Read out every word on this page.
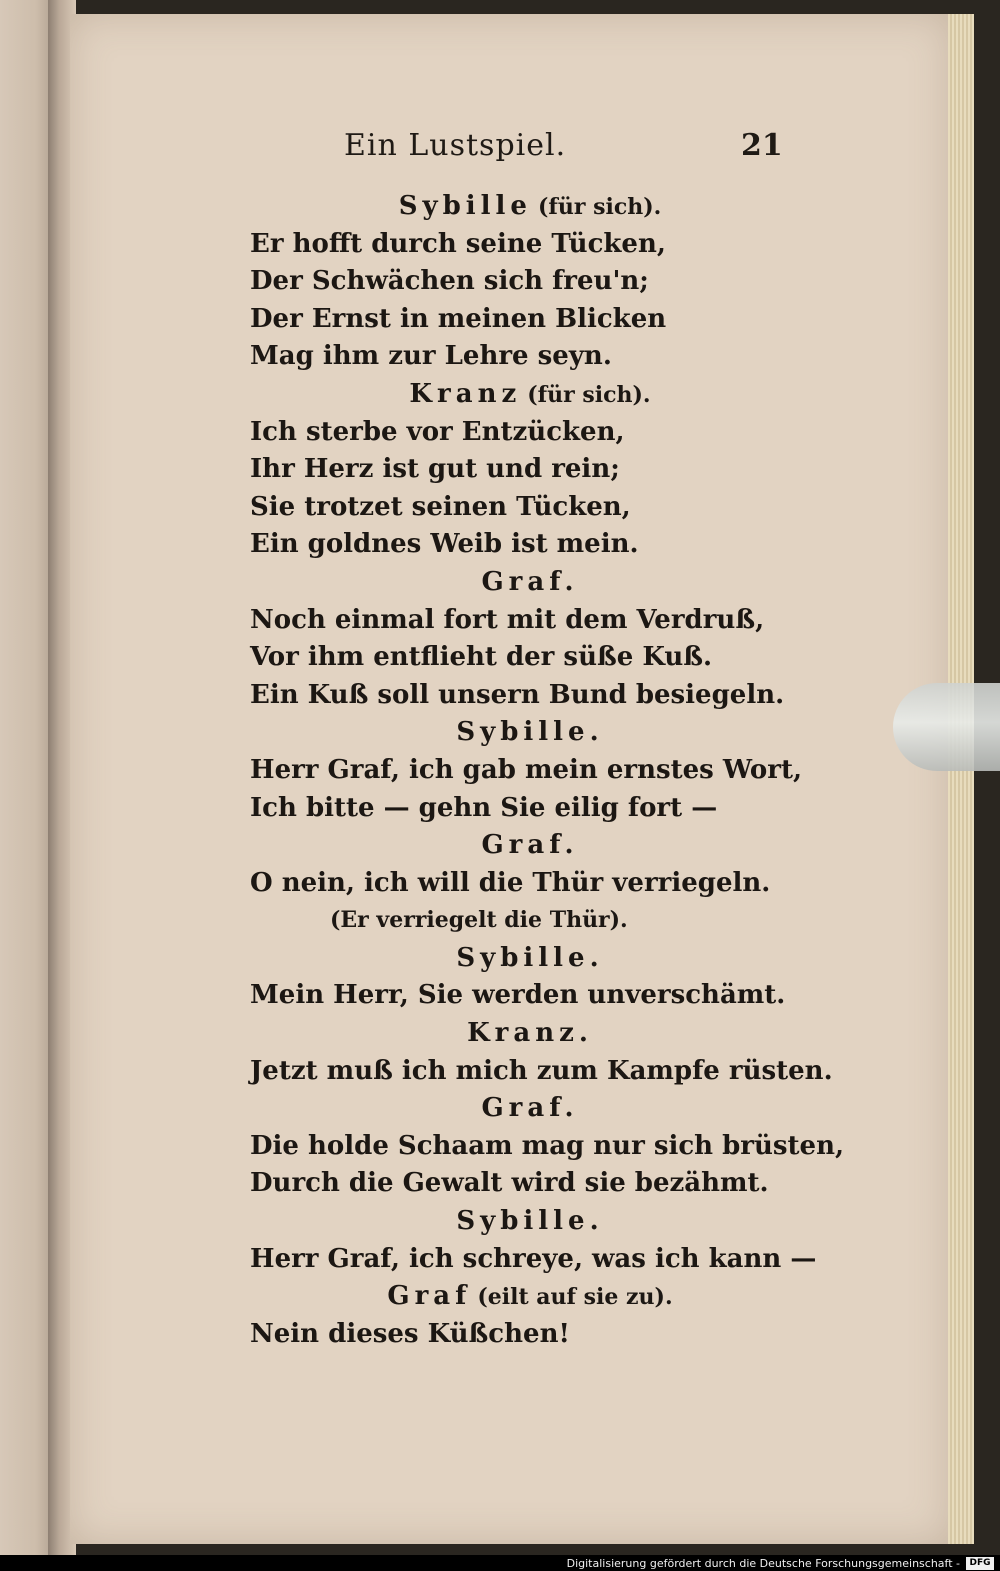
Ein Lustspiel.	21
Sybille (für sich).
Er hofft durch seine Tücken,
Der Schwächen sich freu'n;
Der Ernst in meinen Blicken
Mag ihm zur Lehre seyn.
Kranz (für sich).
Ich sterbe vor Entzücken,
Ihr Herz ist gut und rein;
Sie trotzet seinen Tücken,
Ein goldnes Weib ist mein.
Graf.
Noch einmal fort mit dem Verdruß,
Vor ihm entflieht der süße Kuß.
Ein Kuß soll unsern Bund besiegeln.
Sybille.
Herr Graf, ich gab mein ernstes Wort,
Ich bitte — gehn Sie eilig fort —
Graf.
O nein, ich will die Thür verriegeln.
(Er verriegelt die Thür).
Sybille.
Mein Herr, Sie werden unverschämt.
Kranz.
Jetzt muß ich mich zum Kampfe rüsten.
Graf.
Die holde Schaam mag nur sich brüsten,
Durch die Gewalt wird sie bezähmt.
Sybille.
Herr Graf, ich schreye, was ich kann —
Graf (eilt auf sie zu).
Nein dieses Küßchen!
Digitalisierung gefördert durch die Deutsche Forschungsgemeinschaft -	DFG
